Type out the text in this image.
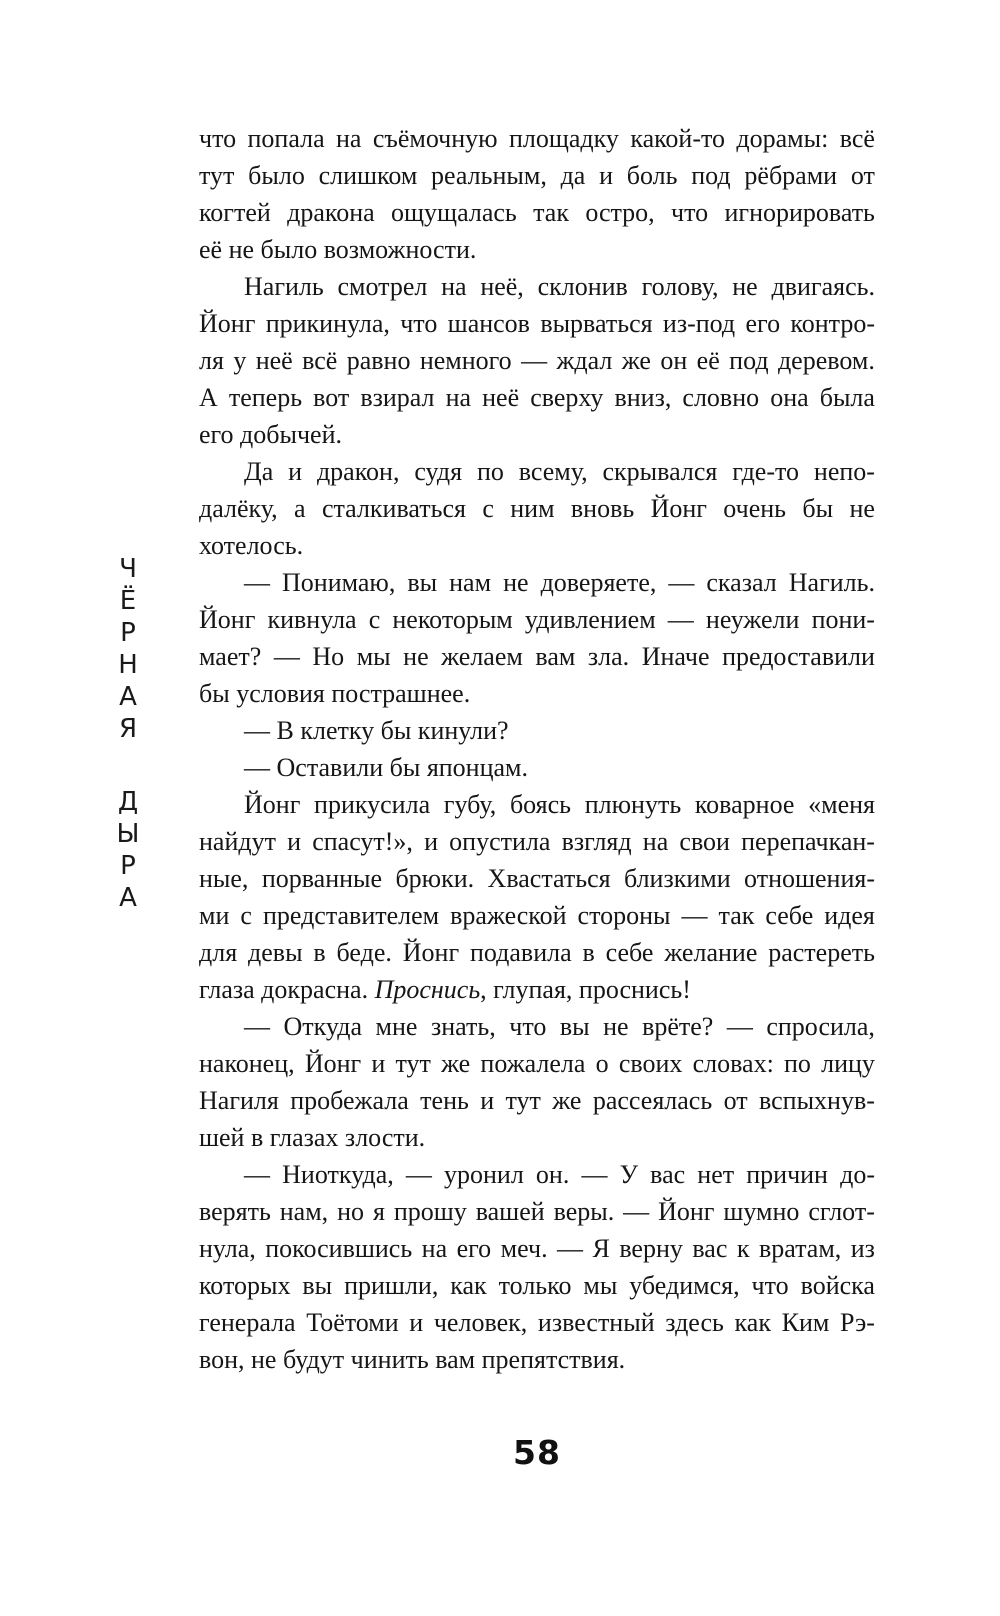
Ч
Ё
Р
Н
А
Я
Д
Ы
Р
А
что попала на съёмочную площадку какой-то дорамы: всё
тут было слишком реальным, да и боль под рёбрами от
когтей дракона ощущалась так остро, что игнорировать
её не было возможности.
Нагиль смотрел на неё, склонив голову, не двигаясь.
Йонг прикинула, что шансов вырваться из-под его контро-
ля у неё всё равно немного — ждал же он её под деревом.
А теперь вот взирал на неё сверху вниз, словно она была
его добычей.
Да и дракон, судя по всему, скрывался где-то непо-
далёку, а сталкиваться с ним вновь Йонг очень бы не
хотелось.
— Понимаю, вы нам не доверяете, — сказал Нагиль.
Йонг кивнула с некоторым удивлением — неужели пони-
мает? — Но мы не желаем вам зла. Иначе предоставили
бы условия пострашнее.
— В клетку бы кинули?
— Оставили бы японцам.
Йонг прикусила губу, боясь плюнуть коварное «меня
найдут и спасут!», и опустила взгляд на свои перепачкан-
ные, порванные брюки. Хвастаться близкими отношения-
ми с представителем вражеской стороны — так себе идея
для девы в беде. Йонг подавила в себе желание растереть
глаза докрасна. Проснись, глупая, проснись!
— Откуда мне знать, что вы не врёте? — спросила,
наконец, Йонг и тут же пожалела о своих словах: по лицу
Нагиля пробежала тень и тут же рассеялась от вспыхнув-
шей в глазах злости.
— Ниоткуда, — уронил он. — У вас нет причин до-
верять нам, но я прошу вашей веры. — Йонг шумно сглот-
нула, покосившись на его меч. — Я верну вас к вратам, из
которых вы пришли, как только мы убедимся, что войска
генерала Тоётоми и человек, известный здесь как Ким Рэ-
вон, не будут чинить вам препятствия.
58
